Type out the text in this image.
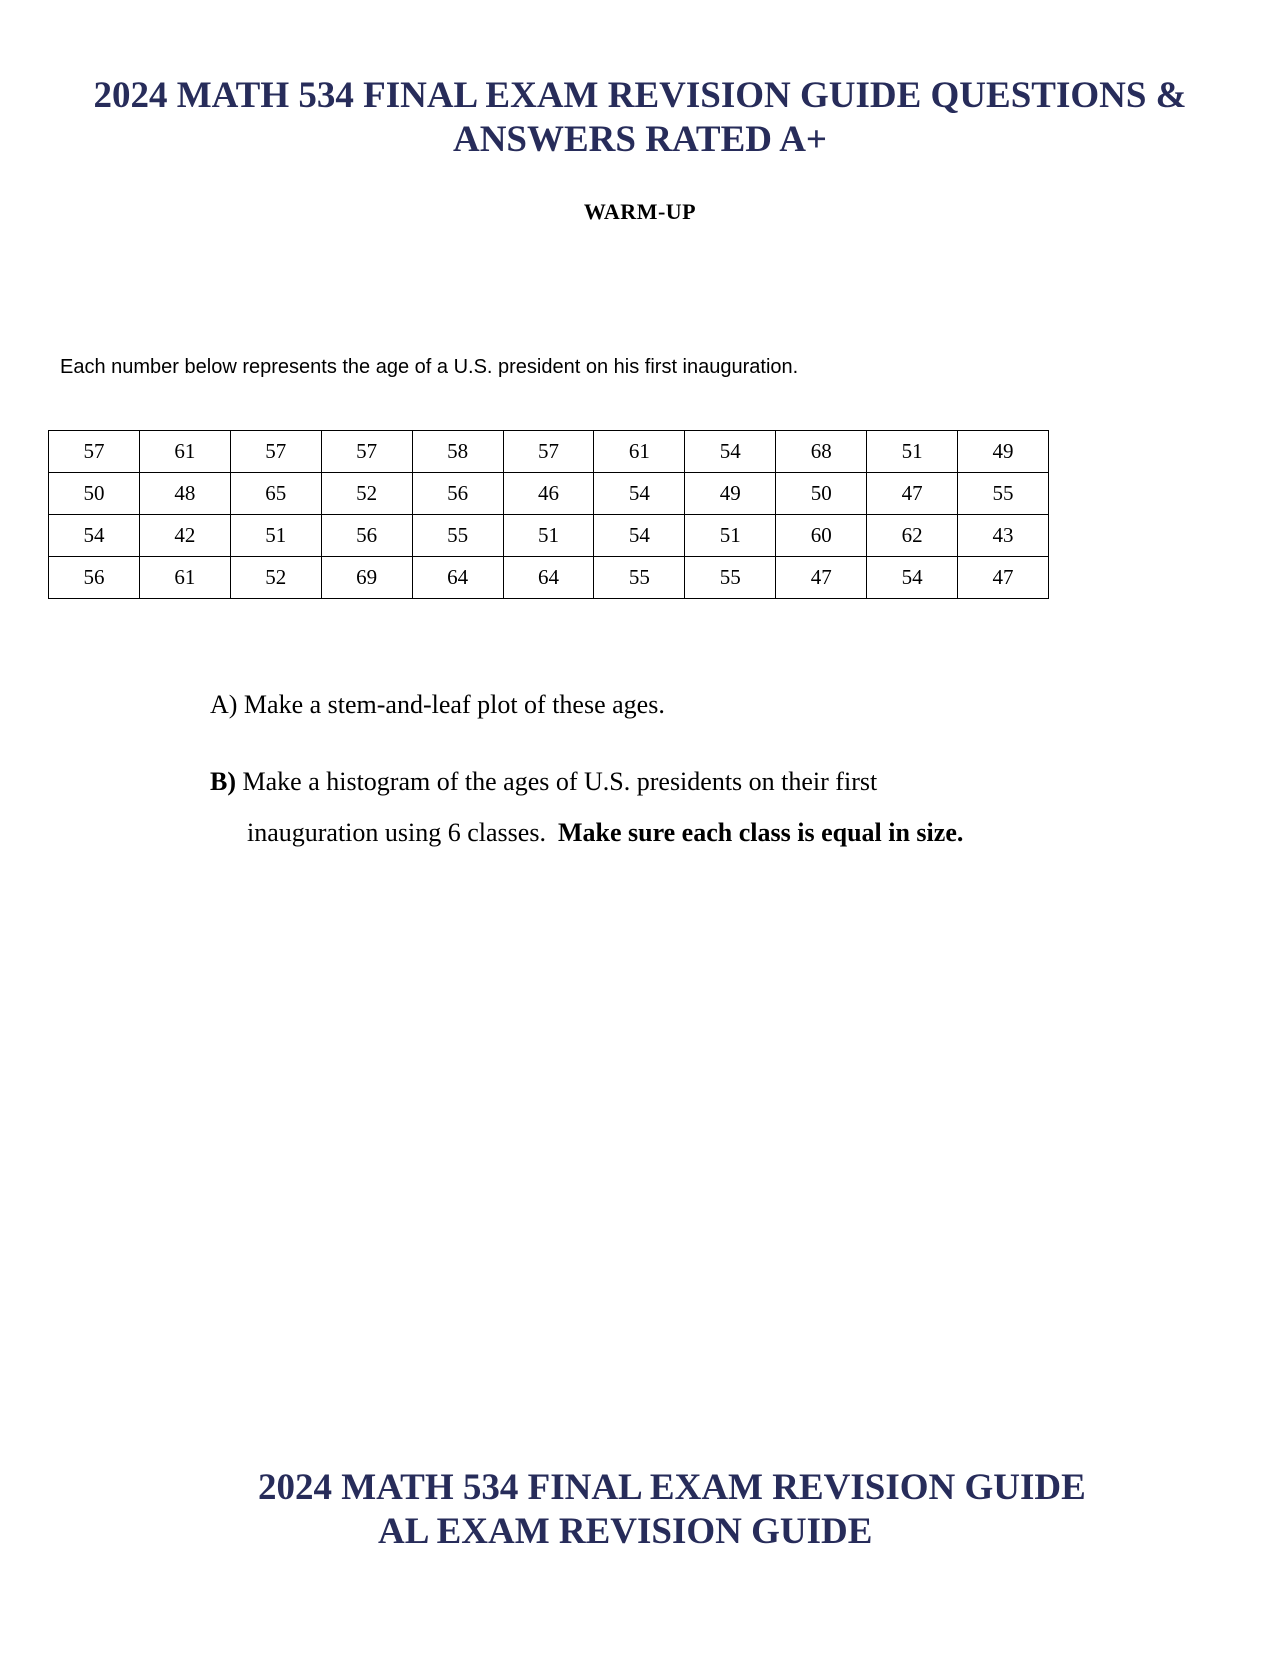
2024 MATH 534 FINAL EXAM REVISION GUIDE QUESTIONS &
ANSWERS RATED A+
WARM-UP
Each number below represents the age of a U.S. president on his first inauguration.
57	61	57	57	58	57	61	54	68	51	49
50	48	65	52	56	46	54	49	50	47	55
54	42	51	56	55	51	54	51	60	62	43
56	61	52	69	64	64	55	55	47	54	47
A) Make a stem-and-leaf plot of these ages.
B) Make a histogram of the ages of U.S. presidents on their first
inauguration using 6 classes. Make sure each class is equal in size.
2024 MATH 534 FINAL EXAM REVISION GUIDE
AL EXAM REVISION GUIDE
